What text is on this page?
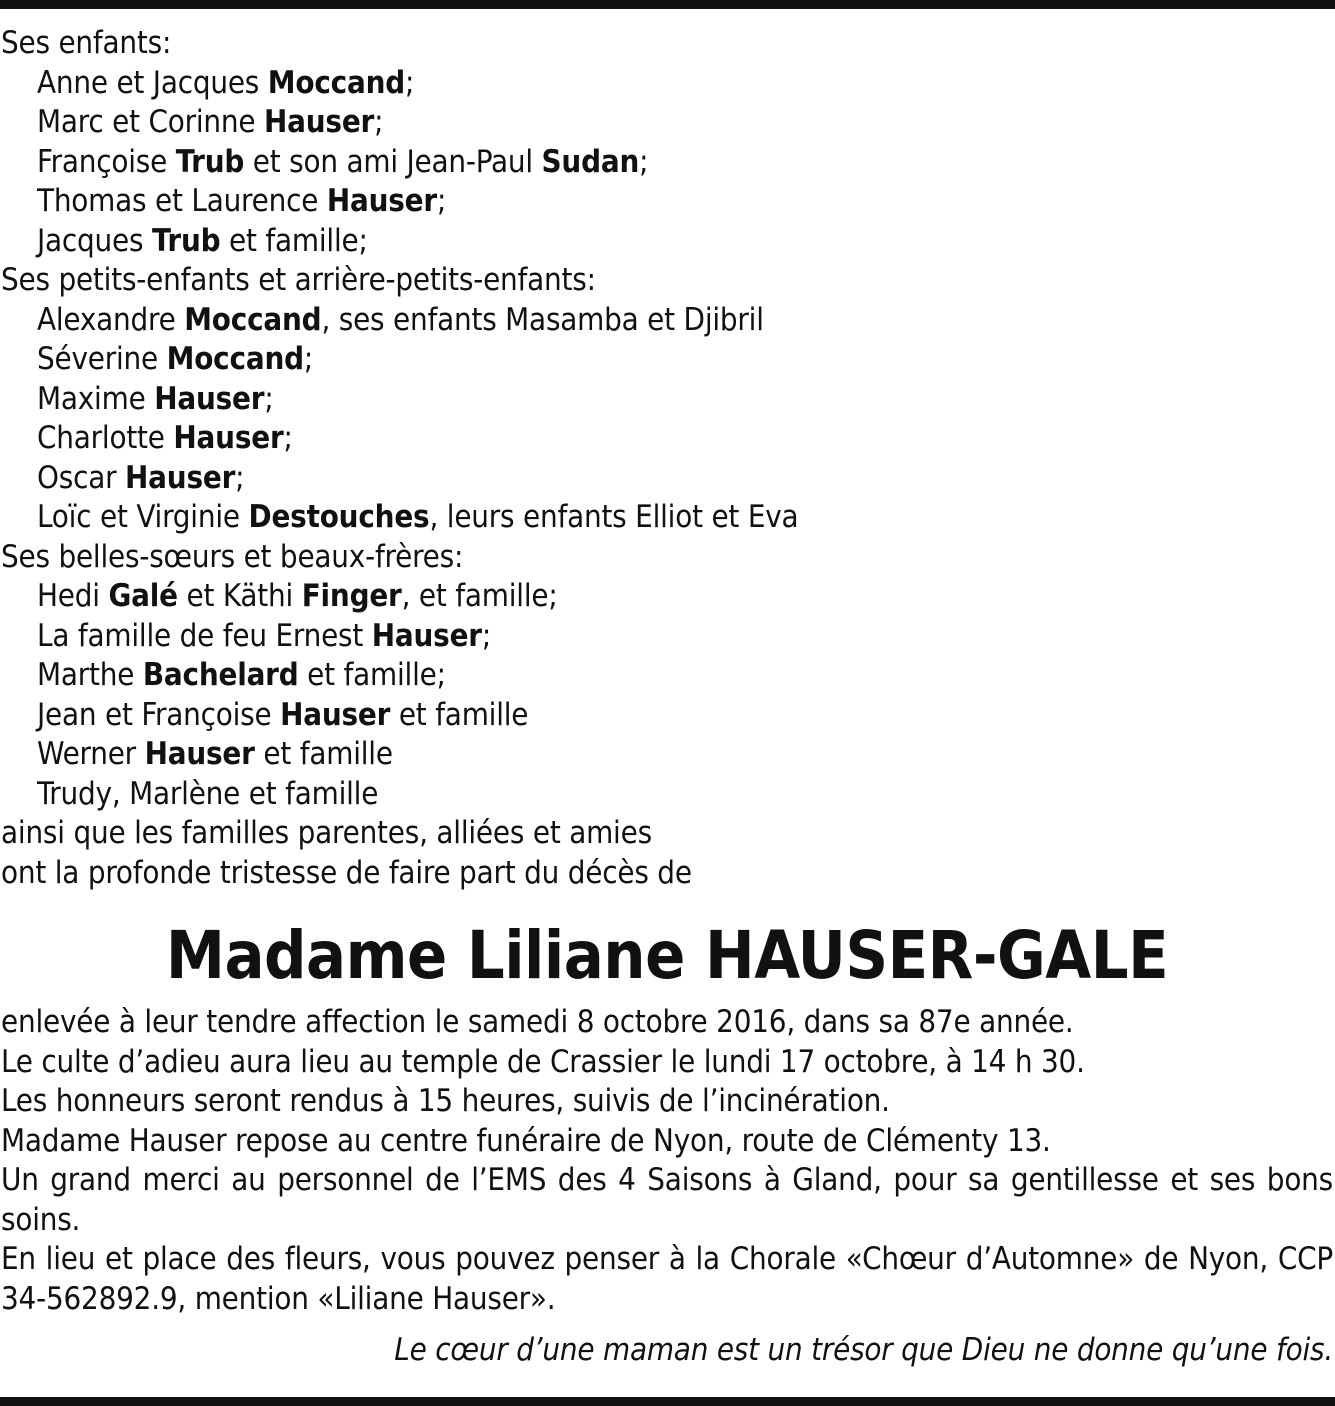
Ses enfants:
Anne et Jacques Moccand;
Marc et Corinne Hauser;
Françoise Trub et son ami Jean-Paul Sudan;
Thomas et Laurence Hauser;
Jacques Trub et famille;
Ses petits-enfants et arrière-petits-enfants:
Alexandre Moccand, ses enfants Masamba et Djibril
Séverine Moccand;
Maxime Hauser;
Charlotte Hauser;
Oscar Hauser;
Loïc et Virginie Destouches, leurs enfants Elliot et Eva
Ses belles-sœurs et beaux-frères:
Hedi Galé et Käthi Finger, et famille;
La famille de feu Ernest Hauser;
Marthe Bachelard et famille;
Jean et Françoise Hauser et famille
Werner Hauser et famille
Trudy, Marlène et famille
ainsi que les familles parentes, alliées et amies
ont la profonde tristesse de faire part du décès de
Madame Liliane HAUSER-GALE
enlevée à leur tendre affection le samedi 8 octobre 2016, dans sa 87e année.
Le culte d’adieu aura lieu au temple de Crassier le lundi 17 octobre, à 14 h 30.
Les honneurs seront rendus à 15 heures, suivis de l’incinération.
Madame Hauser repose au centre funéraire de Nyon, route de Clémenty 13.
Un grand merci au personnel de l’EMS des 4 Saisons à Gland, pour sa gentillesse et ses bons soins.
En lieu et place des fleurs, vous pouvez penser à la Chorale «Chœur d’Automne» de Nyon, CCP 34-562892.9, mention «Liliane Hauser».
Le cœur d’une maman est un trésor que Dieu ne donne qu’une fois.
